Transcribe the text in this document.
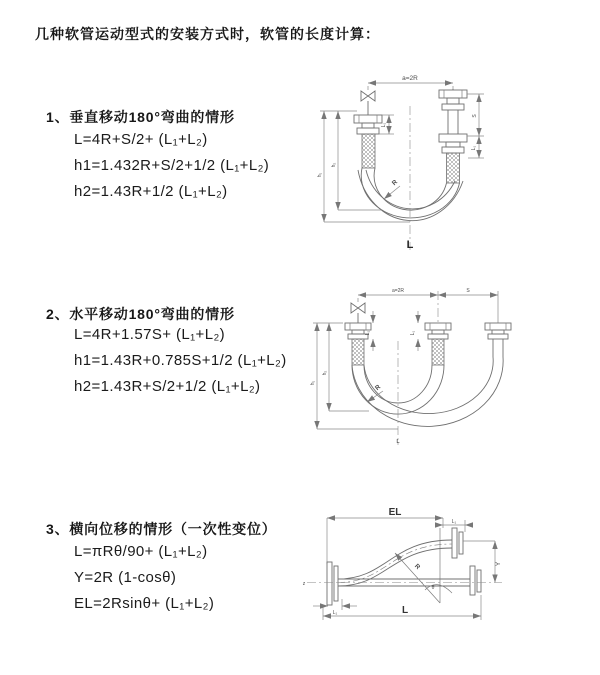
几种软管运动型式的安装方式时，软管的长度计算：
1、垂直移动180°弯曲的情形
L=4R+S/2+ (L₁+L₂)
h1=1.432R+S/2+1/2 (L₁+L₂)
h2=1.43R+1/2 (L₁+L₂)
2、水平移动180°弯曲的情形
L=4R+1.57S+ (L₁+L₂)
h1=1.43R+0.785S+1/2 (L₁+L₂)
h2=1.43R+S/2+1/2 (L₁+L₂)
3、横向位移的情形（一次性变位）
L=πRθ/90+ (L₁+L₂)
Y=2R (1-cosθ)
EL=2Rsinθ+ (L₁+L₂)
a=2R
h₁
h₂
S
L₁
L₁
R
L
a=2R	S
h₁
h₂
L₁	L₁
R
L
EL
L₁
z
Y
R
θ
L
L₁
